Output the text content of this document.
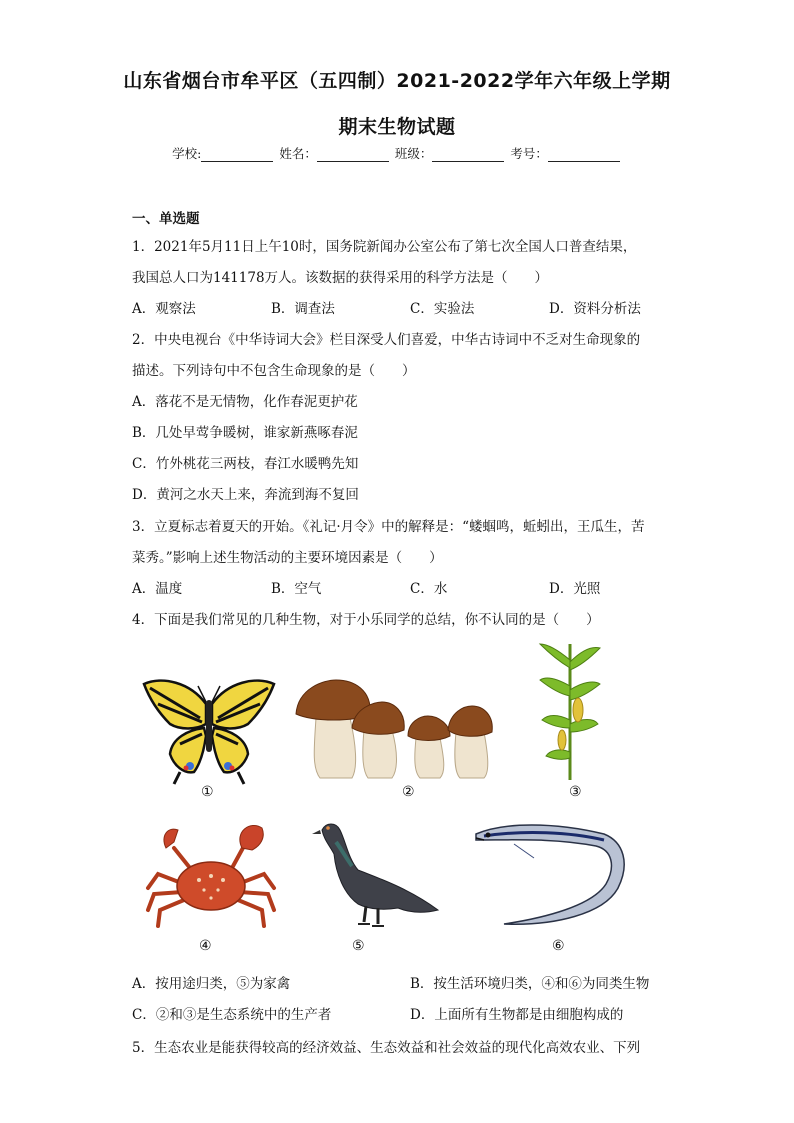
山东省烟台市牟平区（五四制）2021-2022学年六年级上学期
期末生物试题
学校:	姓名：	班级：	考号：
一、单选题
1．2021年5月11日上午10时，国务院新闻办公室公布了第七次全国人口普查结果，
我国总人口为141178万人。该数据的获得采用的科学方法是（　　）
A．观察法	B．调查法	C．实验法	D．资料分析法
2．中央电视台《中华诗词大会》栏目深受人们喜爱，中华古诗词中不乏对生命现象的
描述。下列诗句中不包含生命现象的是（　　）
A．落花不是无情物，化作春泥更护花
B．几处早莺争暖树，谁家新燕啄春泥
C．竹外桃花三两枝，春江水暖鸭先知
D．黄河之水天上来，奔流到海不复回
3．立夏标志着夏天的开始。《礼记·月令》中的解释是：“蝼蝈鸣，蚯蚓出，王瓜生，苦
菜秀。”影响上述生物活动的主要环境因素是（　　）
A．温度	B．空气	C．水	D．光照
4．下面是我们常见的几种生物，对于小乐同学的总结，你不认同的是（　　）
①	②	③
④	⑤	⑥
A．按用途归类，⑤为家禽	B．按生活环境归类，④和⑥为同类生物
C．②和③是生态系统中的生产者	D．上面所有生物都是由细胞构成的
5．生态农业是能获得较高的经济效益、生态效益和社会效益的现代化高效农业、下列
